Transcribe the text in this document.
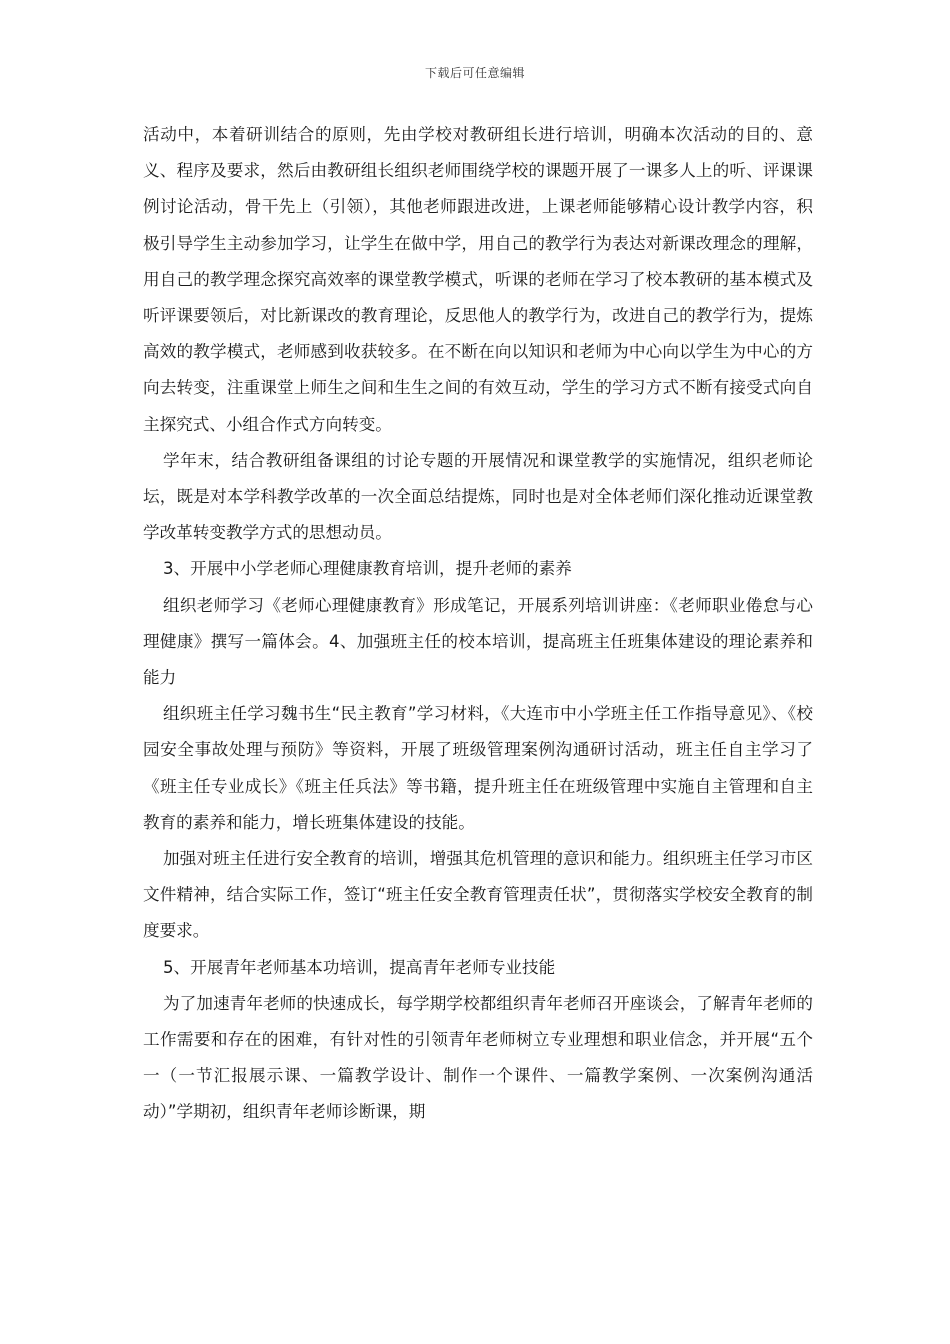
下载后可任意编辑

活动中，本着研训结合的原则，先由学校对教研组长进行培训，明确本次活动的目的、意义、程序及要求，然后由教研组长组织老师围绕学校的课题开展了一课多人上的听、评课课例讨论活动，骨干先上（引领），其他老师跟进改进，上课老师能够精心设计教学内容，积极引导学生主动参加学习，让学生在做中学，用自己的教学行为表达对新课改理念的理解，用自己的教学理念探究高效率的课堂教学模式，听课的老师在学习了校本教研的基本模式及听评课要领后，对比新课改的教育理论，反思他人的教学行为，改进自己的教学行为，提炼高效的教学模式，老师感到收获较多。在不断在向以知识和老师为中心向以学生为中心的方向去转变，注重课堂上师生之间和生生之间的有效互动，学生的学习方式不断有接受式向自主探究式、小组合作式方向转变。

学年末，结合教研组备课组的讨论专题的开展情况和课堂教学的实施情况，组织老师论坛，既是对本学科教学改革的一次全面总结提炼，同时也是对全体老师们深化推动近课堂教学改革转变教学方式的思想动员。

3、开展中小学老师心理健康教育培训，提升老师的素养

组织老师学习《老师心理健康教育》形成笔记，开展系列培训讲座：《老师职业倦怠与心理健康》撰写一篇体会。4、加强班主任的校本培训，提高班主任班集体建设的理论素养和能力

组织班主任学习魏书生“民主教育”学习材料，《大连市中小学班主任工作指导意见》、《校园安全事故处理与预防》等资料，开展了班级管理案例沟通研讨活动，班主任自主学习了《班主任专业成长》《班主任兵法》等书籍，提升班主任在班级管理中实施自主管理和自主教育的素养和能力，增长班集体建设的技能。

加强对班主任进行安全教育的培训，增强其危机管理的意识和能力。组织班主任学习市区文件精神，结合实际工作，签订“班主任安全教育管理责任状”，贯彻落实学校安全教育的制度要求。

5、开展青年老师基本功培训，提高青年老师专业技能

为了加速青年老师的快速成长，每学期学校都组织青年老师召开座谈会，了解青年老师的工作需要和存在的困难，有针对性的引领青年老师树立专业理想和职业信念，并开展“五个一（一节汇报展示课、一篇教学设计、制作一个课件、一篇教学案例、一次案例沟通活动）”学期初，组织青年老师诊断课，期
